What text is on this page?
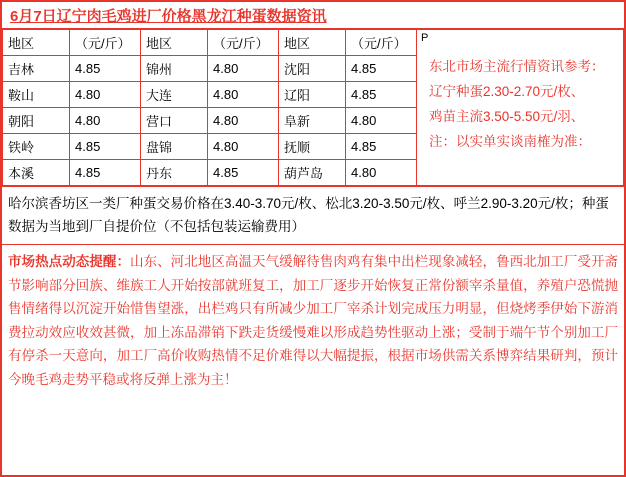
6月7日辽宁肉毛鸡进厂价格黑龙江种蛋数据资讯
地区	（元/斤）	地区	（元/斤）	地区	（元/斤）
吉林	4.85	锦州	4.80	沈阳	4.85
鞍山	4.80	大连	4.80	辽阳	4.85
朝阳	4.80	营口	4.80	阜新	4.80
铁岭	4.85	盘锦	4.80	抚顺	4.85
本溪	4.85	丹东	4.85	葫芦岛	4.80
P
东北市场主流行情资讯参考：
辽宁种蛋2.30-2.70元/枚、
鸡苗主流3.50-5.50元/羽、
注：以实单实谈南榷为准：
哈尔滨香坊区一类厂种蛋交易价格在3.40-3.70元/枚、松北3.20-3.50元/枚、呼兰2.90-3.20元/枚；种蛋数据为当地到厂自提价位（不包括包装运输费用）
市场热点动态提醒：山东、河北地区高温天气缓解待售肉鸡有集中出栏现象减轻，鲁西北加工厂受开斋节影响部分回族、维族工人开始按部就班复工，加工厂逐步开始恢复正常份额宰杀量值，养殖户恐慌抛售情绪得以沉淀开始惜售望涨，出栏鸡只有所减少加工厂宰杀计划完成压力明显，但烧烤季伊始下游消费拉动效应收效甚微，加上冻品滞销下跌走货缓慢难以形成趋势性驱动上涨；受制于端午节个别加工厂有停杀一天意向，加工厂高价收购热情不足价难得以大幅提振，根据市场供需关系博弈结果研判，预计今晚毛鸡走势平稳或将反弹上涨为主！
